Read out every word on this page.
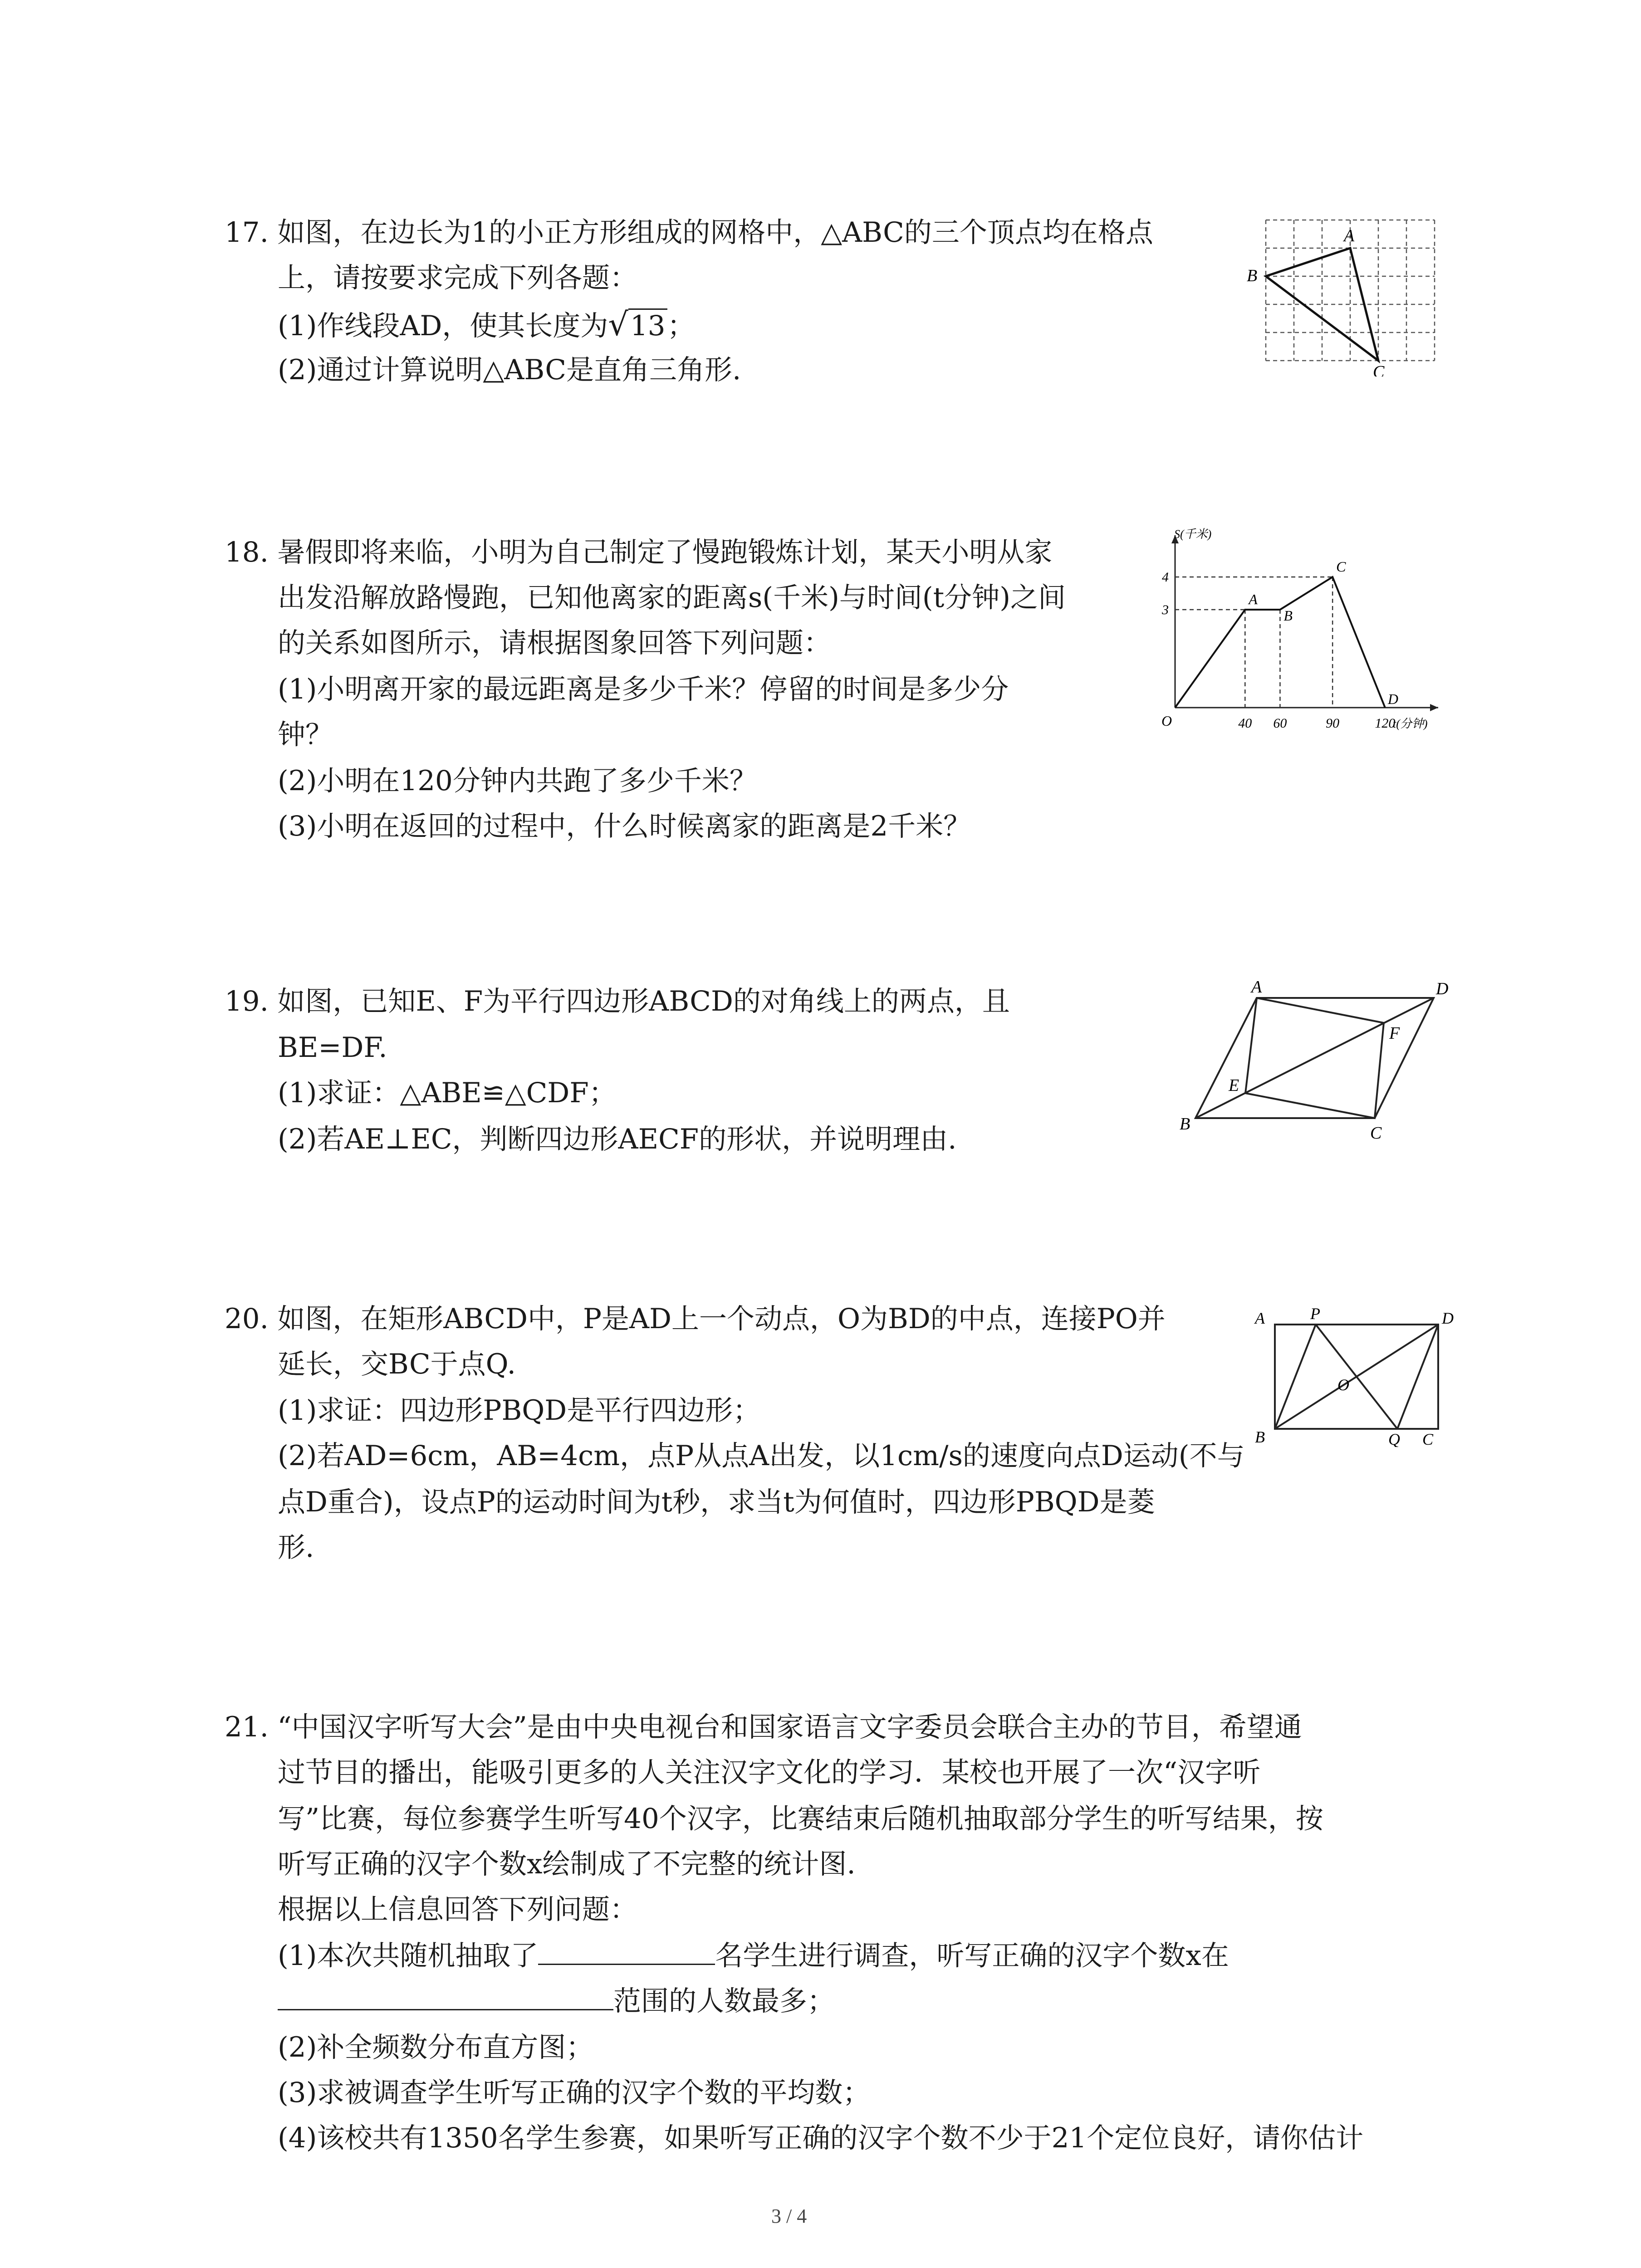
17. 如图，在边长为1的小正方形组成的网格中，△ABC的三个顶点均在格点
上，请按要求完成下列各题：
(1)作线段AD，使其长度为√13；
(2)通过计算说明△ABC是直角三角形.
A
B
C
18. 暑假即将来临，小明为自己制定了慢跑锻炼计划，某天小明从家
出发沿解放路慢跑，已知他离家的距离s(千米)与时间(t分钟)之间
的关系如图所示，请根据图象回答下列问题：
(1)小明离开家的最远距离是多少千米？停留的时间是多少分
钟？
(2)小明在120分钟内共跑了多少千米？
(3)小明在返回的过程中，什么时候离家的距离是2千米？
O
A
B
C
D
40 60	90	120
3
4
S(千米)
t(分钟)
19. 如图，已知E、F为平行四边形ABCD的对角线上的两点，且
BE=DF.
(1)求证：△ABE≌△CDF；
(2)若AE⊥EC，判断四边形AECF的形状，并说明理由.
A	D
F
E
B	C
20. 如图，在矩形ABCD中，P是AD上一个动点，O为BD的中点，连接PO并
延长，交BC于点Q.
(1)求证：四边形PBQD是平行四边形；
(2)若AD=6cm，AB=4cm，点P从点A出发，以1cm/s的速度向点D运动(不与
点D重合)，设点P的运动时间为t秒，求当t为何值时，四边形PBQD是菱
形.
A	P	D
O
B	Q C
21. “中国汉字听写大会”是由中央电视台和国家语言文字委员会联合主办的节目，希望通
过节目的播出，能吸引更多的人关注汉字文化的学习．某校也开展了一次“汉字听
写”比赛，每位参赛学生听写40个汉字，比赛结束后随机抽取部分学生的听写结果，按
听写正确的汉字个数x绘制成了不完整的统计图.
根据以上信息回答下列问题：
(1)本次共随机抽取了	名学生进行调查，听写正确的汉字个数x在
范围的人数最多；
(2)补全频数分布直方图；
(3)求被调查学生听写正确的汉字个数的平均数；
(4)该校共有1350名学生参赛，如果听写正确的汉字个数不少于21个定位良好，请你估计
3 / 4
